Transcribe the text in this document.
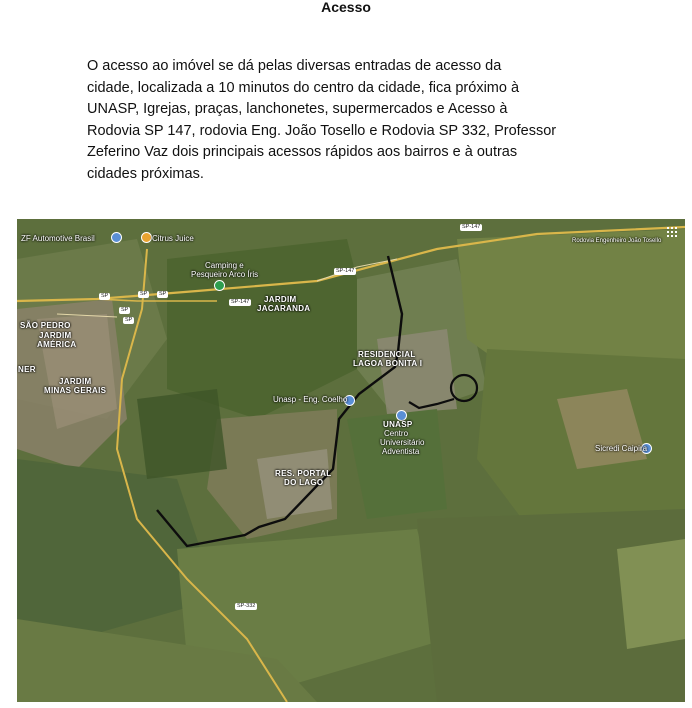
Acesso
O acesso ao imóvel se dá pelas diversas entradas de acesso da
cidade, localizada a 10 minutos do centro da cidade, fica próximo à
UNASP, Igrejas, praças, lanchonetes, supermercados e Acesso à
Rodovia SP 147, rodovia Eng. João Tosello e Rodovia SP 332, Professor
Zeferino Vaz dois principais acessos rápidos aos bairros e à outras
cidades próximas.
SP-147
SP-147
SP-147
SP-332
SP	SP	SP
SP
SP
ZF Automotive Brasil	Citrus Juice
Camping e
Pesqueiro Arco Íris
JARDIM
JACARANDA
SÃO PEDRO
JARDIM
AMÉRICA
NER
JARDIM
MINAS GERAIS
RESIDENCIAL
LAGOA BONITA I
Unasp - Eng. Coelho
UNASP
Centro
Universitário
Adventista
RES. PORTAL
DO LAGO
Rodovia Engenheiro João Tosello
Sicredi Caipira
